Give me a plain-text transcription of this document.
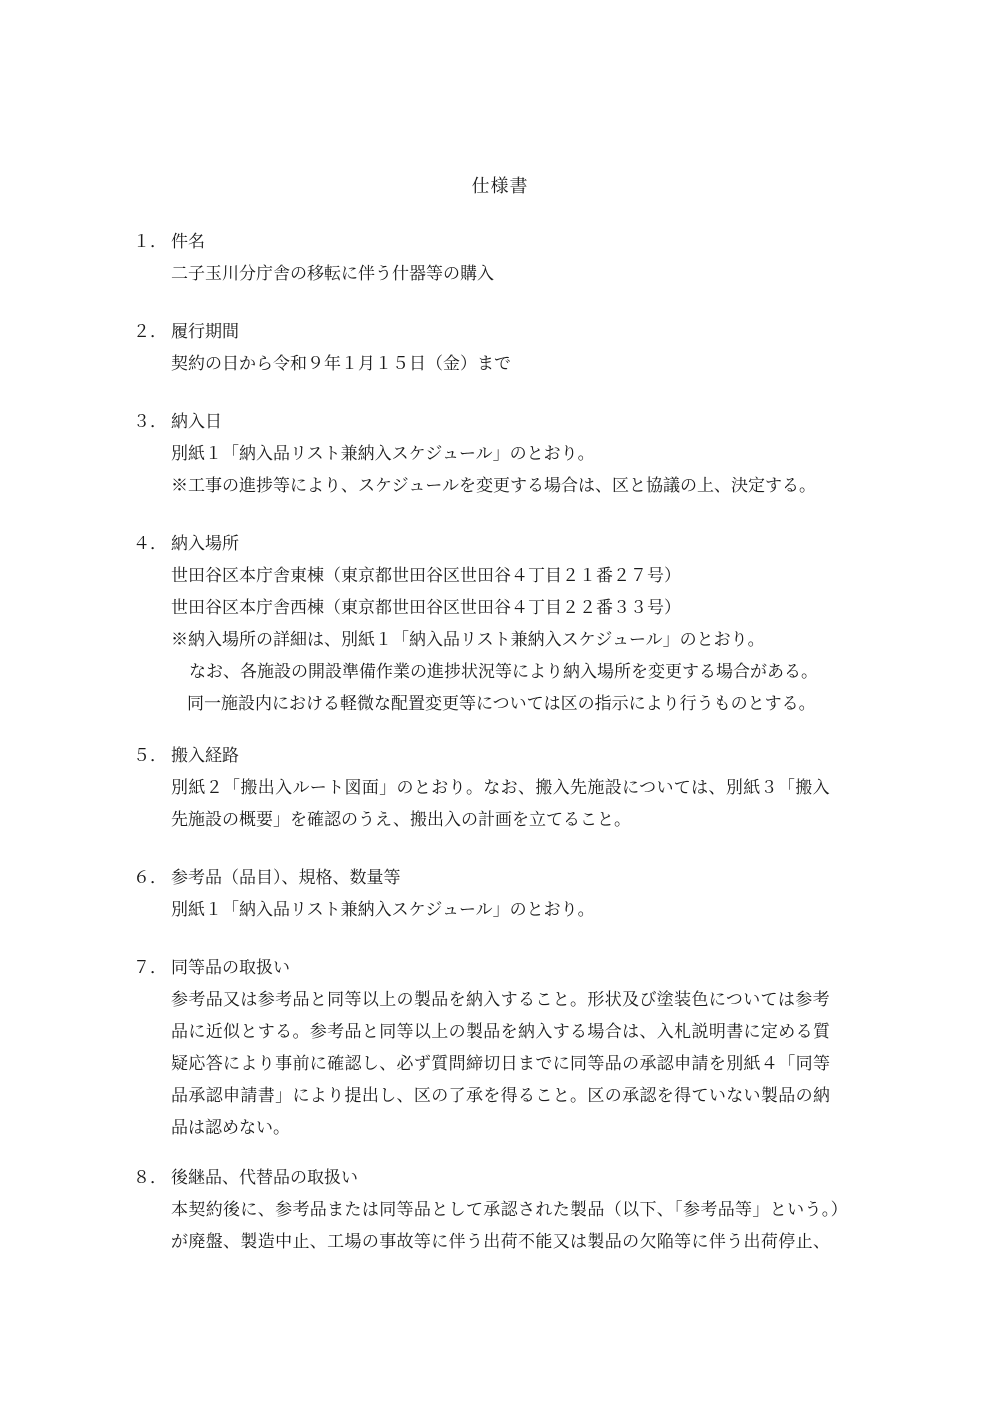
仕様書
１． 件名
二子玉川分庁舎の移転に伴う什器等の購入
２． 履行期間
契約の日から令和９年１月１５日（金）まで
３． 納入日
別紙１「納入品リスト兼納入スケジュール」のとおり。
※工事の進捗等により、スケジュールを変更する場合は、区と協議の上、決定する。
４． 納入場所
世田谷区本庁舎東棟（東京都世田谷区世田谷４丁目２１番２７号）
世田谷区本庁舎西棟（東京都世田谷区世田谷４丁目２２番３３号）
※納入場所の詳細は、別紙１「納入品リスト兼納入スケジュール」のとおり。
なお、各施設の開設準備作業の進捗状況等により納入場所を変更する場合がある。
同一施設内における軽微な配置変更等については区の指示により行うものとする。
５． 搬入経路
別紙２「搬出入ルート図面」のとおり。なお、搬入先施設については、別紙３「搬入
先施設の概要」を確認のうえ、搬出入の計画を立てること。
６． 参考品（品目）、規格、数量等
別紙１「納入品リスト兼納入スケジュール」のとおり。
７． 同等品の取扱い
参考品又は参考品と同等以上の製品を納入すること。形状及び塗装色については参考
品に近似とする。参考品と同等以上の製品を納入する場合は、入札説明書に定める質
疑応答により事前に確認し、必ず質問締切日までに同等品の承認申請を別紙４「同等
品承認申請書」により提出し、区の了承を得ること。区の承認を得ていない製品の納
品は認めない。
８． 後継品、代替品の取扱い
本契約後に、参考品または同等品として承認された製品（以下、「参考品等」という。）
が廃盤、製造中止、工場の事故等に伴う出荷不能又は製品の欠陥等に伴う出荷停止、
